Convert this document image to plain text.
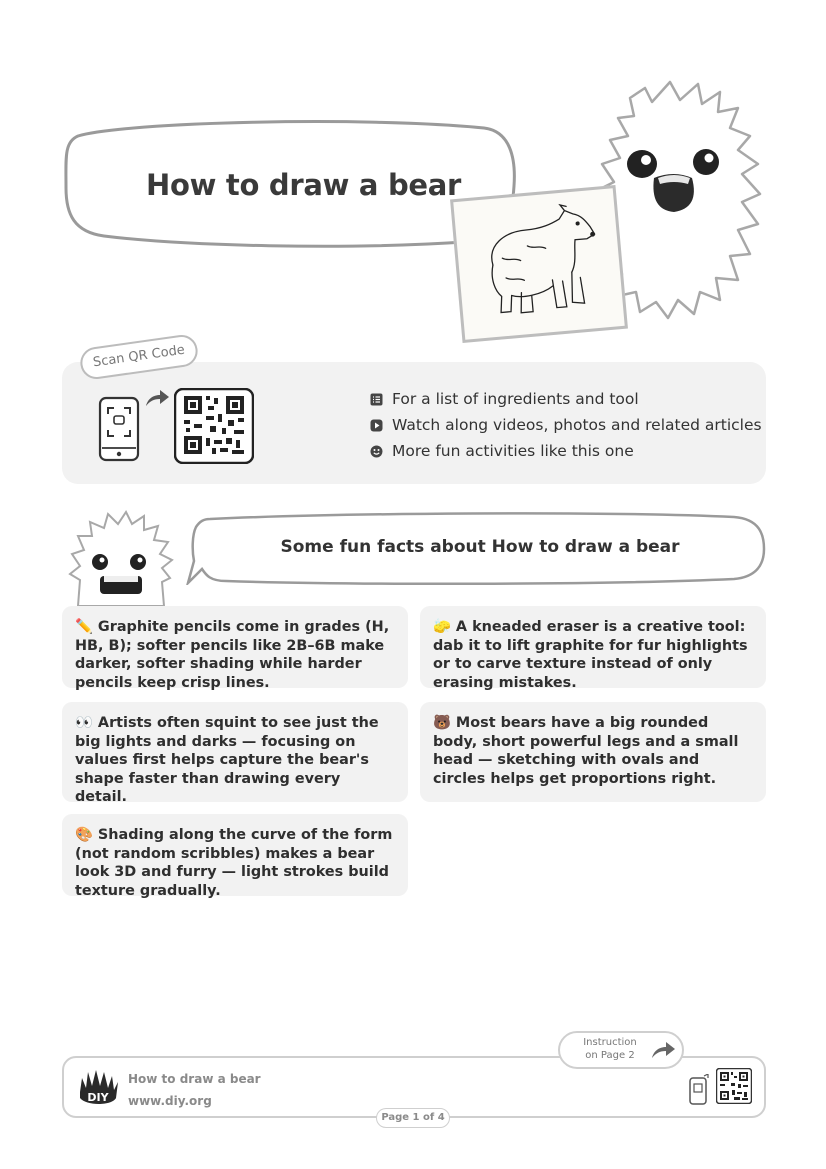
How to draw a bear
Scan QR Code
For a list of ingredients and tool
Watch along videos, photos and related articles
More fun activities like this one
Some fun facts about How to draw a bear
✏️ Graphite pencils come in grades (H, HB, B); softer pencils like 2B–6B make darker, softer shading while harder pencils keep crisp lines.
🧽 A kneaded eraser is a creative tool: dab it to lift graphite for fur highlights or to carve texture instead of only erasing mistakes.
👀 Artists often squint to see just the big lights and darks — focusing on values first helps capture the bear's shape faster than drawing every detail.
🐻 Most bears have a big rounded body, short powerful legs and a small head — sketching with ovals and circles helps get proportions right.
🎨 Shading along the curve of the form (not random scribbles) makes a bear look 3D and furry — light strokes build texture gradually.
DIY
How to draw a bear
www.diy.org
Instruction
on Page 2
Page 1 of 4
